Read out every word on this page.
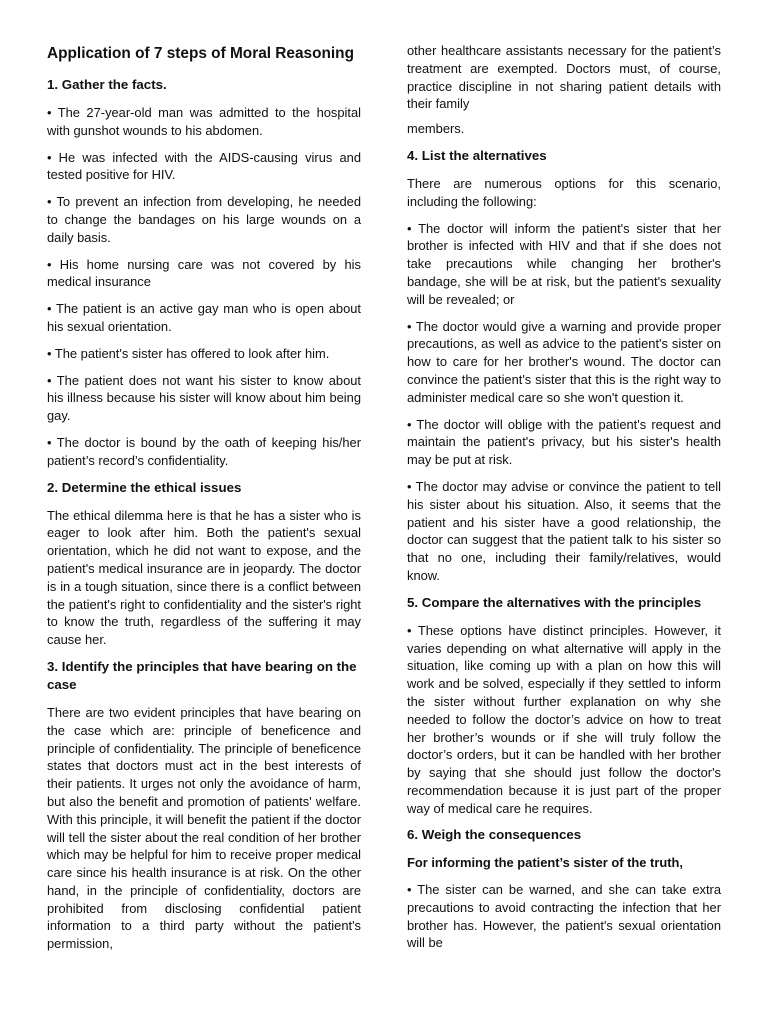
Application of 7 steps of Moral Reasoning
1. Gather the facts.

• The 27-year-old man was admitted to the hospital with gunshot wounds to his abdomen.

• He was infected with the AIDS-causing virus and tested positive for HIV.

• To prevent an infection from developing, he needed to change the bandages on his large wounds on a daily basis.

• His home nursing care was not covered by his medical insurance

• The patient is an active gay man who is open about his sexual orientation.

• The patient's sister has offered to look after him.

• The patient does not want his sister to know about his illness because his sister will know about him being gay.

• The doctor is bound by the oath of keeping his/her patient’s record’s confidentiality.

2. Determine the ethical issues

The ethical dilemma here is that he has a sister who is eager to look after him. Both the patient's sexual orientation, which he did not want to expose, and the patient's medical insurance are in jeopardy. The doctor is in a tough situation, since there is a conflict between the patient's right to confidentiality and the sister's right to know the truth, regardless of the suffering it may cause her.

3. Identify the principles that have bearing on the case

There are two evident principles that have bearing on the case which are: principle of beneficence and principle of confidentiality. The principle of beneficence states that doctors must act in the best interests of their patients. It urges not only the avoidance of harm, but also the benefit and promotion of patients' welfare. With this principle, it will benefit the patient if the doctor will tell the sister about the real condition of her brother which may be helpful for him to receive proper medical care since his health insurance is at risk. On the other hand, in the principle of confidentiality, doctors are prohibited from disclosing confidential patient information to a third party without the patient's permission,

other healthcare assistants necessary for the patient’s treatment are exempted. Doctors must, of course, practice discipline in not sharing patient details with their family

members.

4. List the alternatives

There are numerous options for this scenario, including the following:

• The doctor will inform the patient's sister that her brother is infected with HIV and that if she does not take precautions while changing her brother's bandage, she will be at risk, but the patient's sexuality will be revealed; or

• The doctor would give a warning and provide proper precautions, as well as advice to the patient's sister on how to care for her brother's wound. The doctor can convince the patient's sister that this is the right way to administer medical care so she won't question it.

• The doctor will oblige with the patient's request and maintain the patient's privacy, but his sister's health may be put at risk.

• The doctor may advise or convince the patient to tell his sister about his situation. Also, it seems that the patient and his sister have a good relationship, the doctor can suggest that the patient talk to his sister so that no one, including their family/relatives, would know.

5. Compare the alternatives with the principles

• These options have distinct principles. However, it varies depending on what alternative will apply in the situation, like coming up with a plan on how this will work and be solved, especially if they settled to inform the sister without further explanation on why she needed to follow the doctor’s advice on how to treat her brother’s wounds or if she will truly follow the doctor’s orders, but it can be handled with her brother by saying that she should just follow the doctor's recommendation because it is just part of the proper way of medical care he requires.

6. Weigh the consequences

For informing the patient’s sister of the truth,

• The sister can be warned, and she can take extra precautions to avoid contracting the infection that her brother has. However, the patient's sexual orientation will be
